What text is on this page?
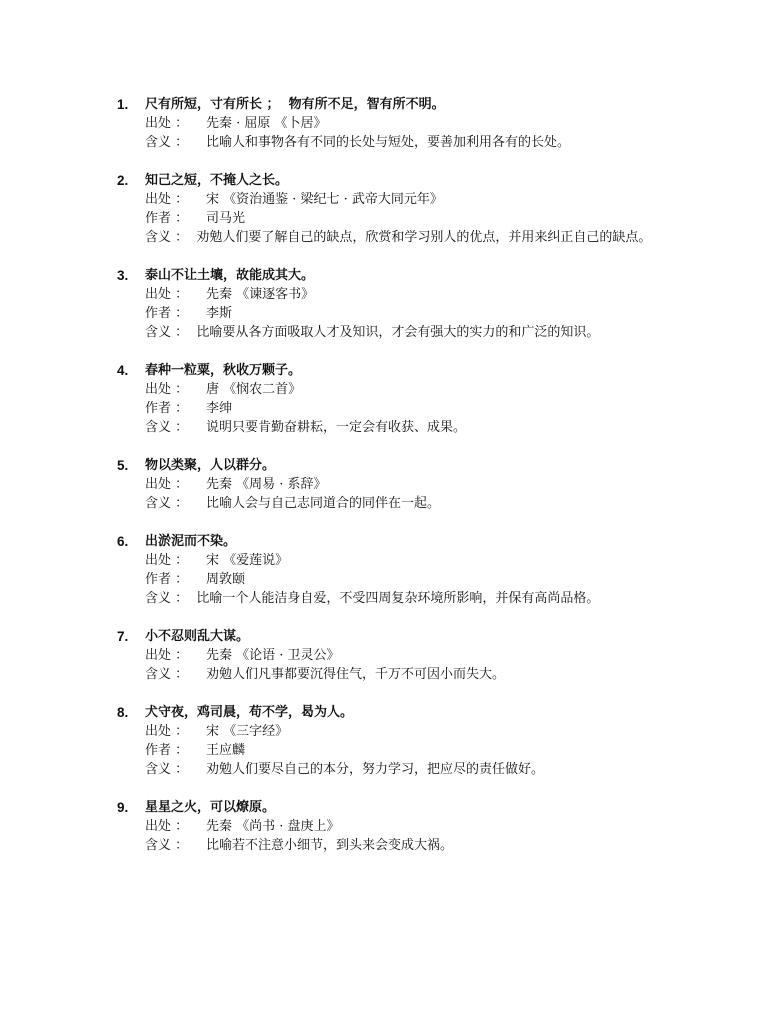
1. 尺有所短，寸有所长 ；  物有所不足，智有所不明。
出处 ： 先秦 · 屈原 《卜居》
含义 ： 比喻人和事物各有不同的长处与短处，要善加利用各有的长处。
2. 知己之短，不掩人之长。
出处 ： 宋 《资治通鉴 · 梁纪七 · 武帝大同元年》
作者 ： 司马光
含义 ： 劝勉人们要了解自己的缺点，欣赏和学习别人的优点，并用来纠正自己的缺点。
3. 泰山不让土壤，故能成其大。
出处 ： 先秦 《谏逐客书》
作者 ： 李斯
含义 ： 比喻要从各方面吸取人才及知识，才会有强大的实力的和广泛的知识。
4. 春种一粒粟，秋收万颗子。
出处 ： 唐 《悯农二首》
作者 ： 李绅
含义 ： 说明只要肯勤奋耕耘，一定会有收获、成果。
5. 物以类聚，人以群分。
出处 ： 先秦 《周易 · 系辞》
含义 ： 比喻人会与自己志同道合的同伴在一起。
6. 出淤泥而不染。
出处 ： 宋 《爱莲说》
作者 ： 周敦颐
含义 ： 比喻一个人能洁身自爱，不受四周复杂环境所影响，并保有高尚品格。
7. 小不忍则乱大谋。
出处 ： 先秦 《论语 · 卫灵公》
含义 ： 劝勉人们凡事都要沉得住气，千万不可因小而失大。
8. 犬守夜，鸡司晨，苟不学，曷为人。
出处 ： 宋 《三字经》
作者 ： 王应麟
含义 ： 劝勉人们要尽自己的本分，努力学习，把应尽的责任做好。
9. 星星之火，可以燎原。
出处 ： 先秦 《尚书 · 盘庚上》
含义 ： 比喻若不注意小细节，到头来会变成大祸。
